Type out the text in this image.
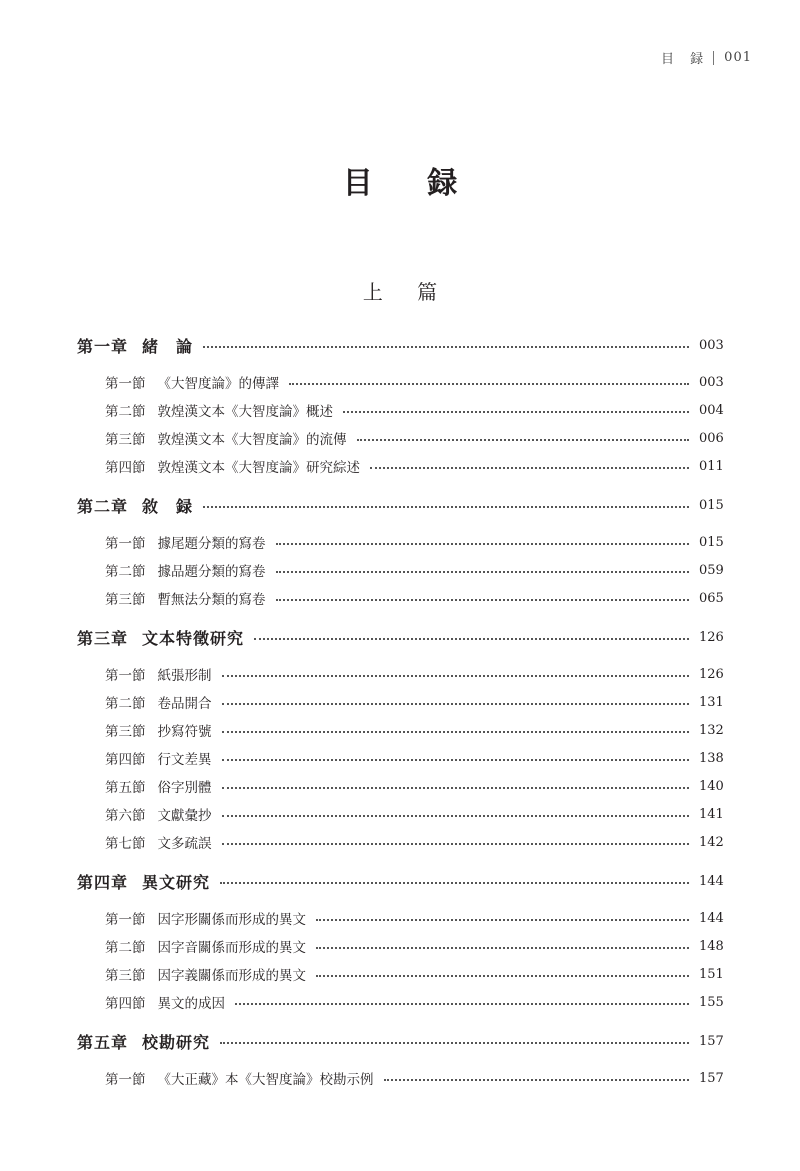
目 録 001
目 録
上 篇
第一章 緒　論	003
第一節 《大智度論》的傳譯	003
第二節 敦煌漢文本《大智度論》概述	004
第三節 敦煌漢文本《大智度論》的流傳	006
第四節 敦煌漢文本《大智度論》研究綜述	011
第二章 敘　録	015
第一節 據尾題分類的寫卷	015
第二節 據品題分類的寫卷	059
第三節 暫無法分類的寫卷	065
第三章 文本特徵研究	126
第一節 紙張形制	126
第二節 卷品開合	131
第三節 抄寫符號	132
第四節 行文差異	138
第五節 俗字別體	140
第六節 文獻彙抄	141
第七節 文多疏誤	142
第四章 異文研究	144
第一節 因字形關係而形成的異文	144
第二節 因字音關係而形成的異文	148
第三節 因字義關係而形成的異文	151
第四節 異文的成因	155
第五章 校勘研究	157
第一節 《大正藏》本《大智度論》校勘示例	157
